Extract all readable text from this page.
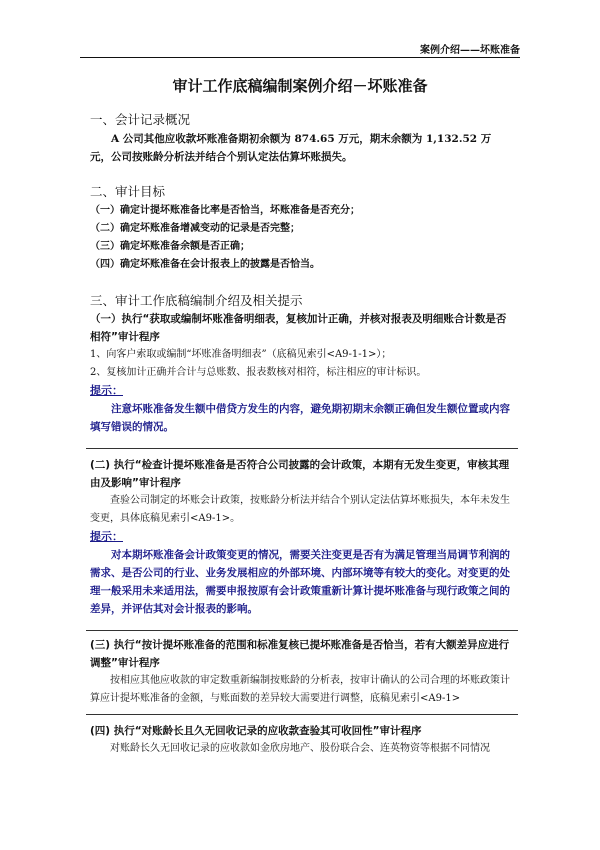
案例介绍——坏账准备
审计工作底稿编制案例介绍－坏账准备
一、会计记录概况
A 公司其他应收款坏账准备期初余额为 874.65 万元，期末余额为 1,132.52 万元，公司按账龄分析法并结合个别认定法估算坏账损失。
二、审计目标
（一）确定计提坏账准备比率是否恰当，坏账准备是否充分；
（二）确定坏账准备增减变动的记录是否完整；
（三）确定坏账准备余额是否正确；
（四）确定坏账准备在会计报表上的披露是否恰当。
三、审计工作底稿编制介绍及相关提示
（一）执行“获取或编制坏账准备明细表，复核加计正确，并核对报表及明细账合计数是否相符”审计程序
1、向客户索取或编制“坏账准备明细表”（底稿见索引<A9-1-1>）；
2、复核加计正确并合计与总账数、报表数核对相符，标注相应的审计标识。
提示：
注意坏账准备发生额中借贷方发生的内容，避免期初期末余额正确但发生额位置或内容填写错误的情况。
(二) 执行“检查计提坏账准备是否符合公司披露的会计政策，本期有无发生变更，审核其理由及影响”审计程序
查验公司制定的坏账会计政策，按账龄分析法并结合个别认定法估算坏账损失，本年未发生变更，具体底稿见索引<A9-1>。
提示：
对本期坏账准备会计政策变更的情况，需要关注变更是否有为满足管理当局调节利润的需求、是否公司的行业、业务发展相应的外部环境、内部环境等有较大的变化。对变更的处理一般采用未来适用法，需要申报按原有会计政策重新计算计提坏账准备与现行政策之间的差异，并评估其对会计报表的影响。
(三) 执行“按计提坏账准备的范围和标准复核已提坏账准备是否恰当，若有大额差异应进行调整”审计程序
按相应其他应收款的审定数重新编制按账龄的分析表，按审计确认的公司合理的坏账政策计算应计提坏账准备的金额，与账面数的差异较大需要进行调整，底稿见索引<A9-1>
(四) 执行“对账龄长且久无回收记录的应收款查验其可收回性”审计程序
对账龄长久无回收记录的应收款如金欣房地产、股份联合会、连英物资等根据不同情况
